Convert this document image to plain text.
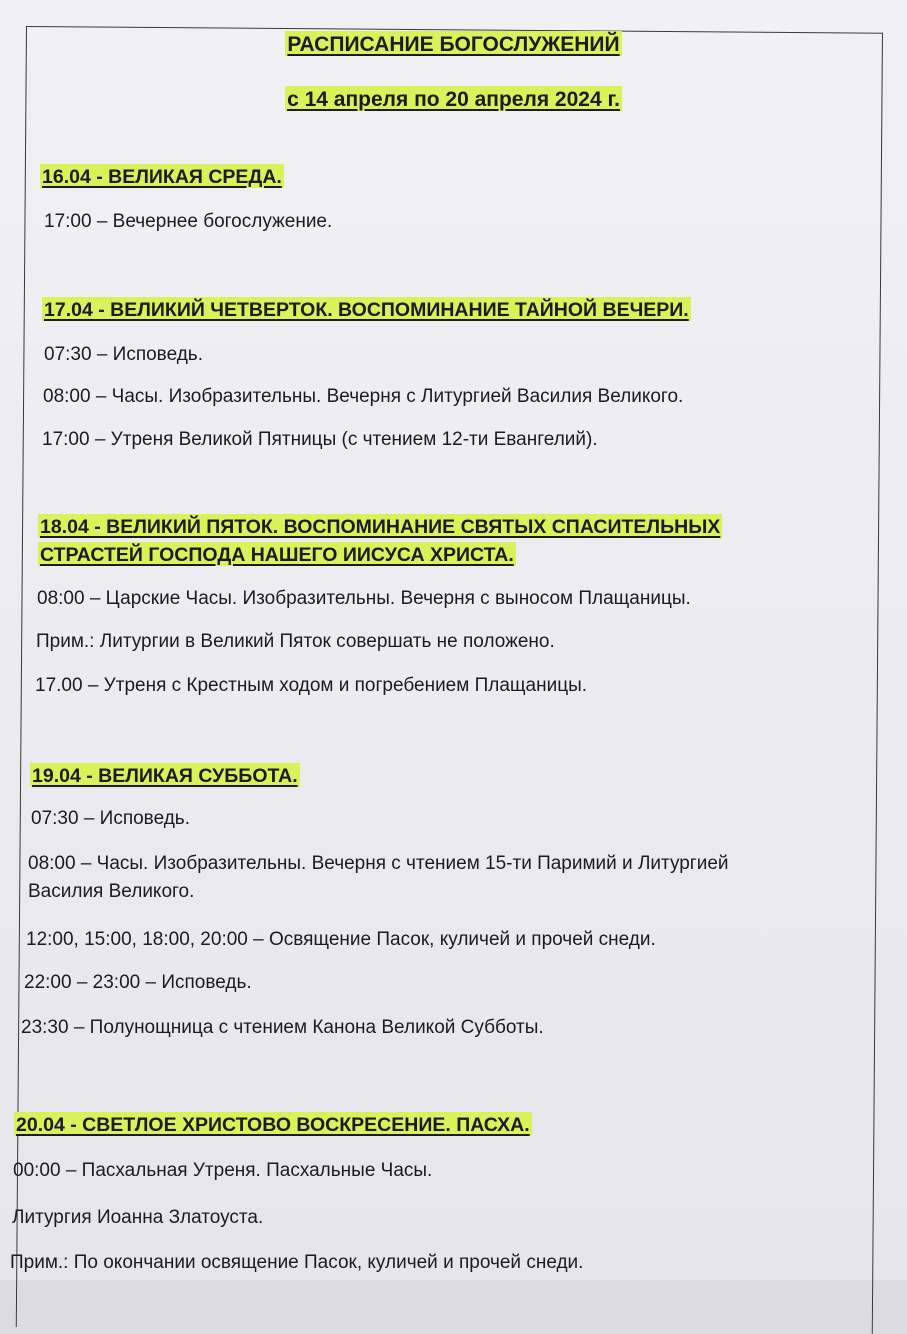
РАСПИСАНИЕ БОГОСЛУЖЕНИЙ
с 14 апреля по 20 апреля 2024 г.
16.04 - ВЕЛИКАЯ СРЕДА.
17:00 – Вечернее богослужение.
17.04 - ВЕЛИКИЙ ЧЕТВЕРТОК. ВОСПОМИНАНИЕ ТАЙНОЙ ВЕЧЕРИ.
07:30 – Исповедь.
08:00 – Часы. Изобразительны. Вечерня с Литургией Василия Великого.
17:00 – Утреня Великой Пятницы (с чтением 12-ти Евангелий).
18.04 - ВЕЛИКИЙ ПЯТОК. ВОСПОМИНАНИЕ СВЯТЫХ СПАСИТЕЛЬНЫХ
СТРАСТЕЙ ГОСПОДА НАШЕГО ИИСУСА ХРИСТА.
08:00 – Царские Часы. Изобразительны. Вечерня с выносом Плащаницы.
Прим.: Литургии в Великий Пяток совершать не положено.
17.00 – Утреня с Крестным ходом и погребением Плащаницы.
19.04 - ВЕЛИКАЯ СУББОТА.
07:30 – Исповедь.
08:00 – Часы. Изобразительны. Вечерня с чтением 15-ти Паримий и Литургией
Василия Великого.
12:00, 15:00, 18:00, 20:00 – Освящение Пасок, куличей и прочей снеди.
22:00 – 23:00 – Исповедь.
23:30 – Полунощница с чтением Канона Великой Субботы.
20.04 - СВЕТЛОЕ ХРИСТОВО ВОСКРЕСЕНИЕ. ПАСХА.
00:00 – Пасхальная Утреня. Пасхальные Часы.
Литургия Иоанна Златоуста.
Прим.: По окончании освящение Пасок, куличей и прочей снеди.
